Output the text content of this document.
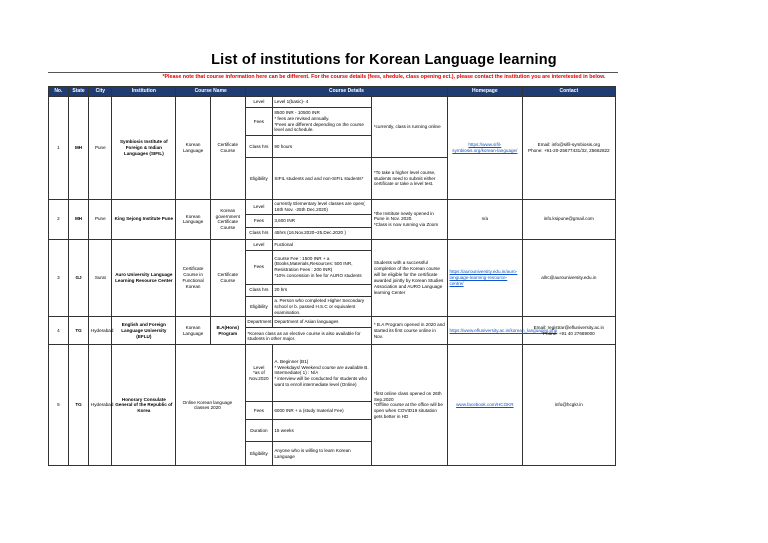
List of institutions for Korean Language learning
*Please note that course information here can be different. For the course details (fees, shedule, class opening ect.), please contact the institution you are interetested in below.
No.	State	City	Institution	Course Name		Course Details			Homepage	Contact
1	MH	Pune	Symbiosis Institute of Foreign & Indian Languages (SIFIL)	Korean Language	Certificate Course	Level	Level 1(basic)- 4	*currently, class is running online	https://www.sifil-symbiosis.org/korean-language/	Email: info@sifil-symbiosis.org
Phone: +91-20-25677431/32, 25662822
						Fees	8500 INR - 10500 INR
* fees are revised annually.
*Fees are different depending on the course level and schedule.			
						Class hrs	90 hours			
						Eligibility	SIFIL students and and non-SIFIL students*	*To take a higher level course, students need to submit either certificate or take a level test.		
2	MH	Pune	King Sejong Institute Pune	Korean Language	Korean government Certificate Course	Level	currently Elementary level classes are open( 16th Nov. -25th Dec.2020)	*the Institute newly opened in Pune in Nov. 2020.
*Class is now running via Zoom	n/a	info.ksipune@gmail.com
						Fees	3,600 INR			
						Class hrs	45hrs (16.Nov.2020~25.Dec.2020 )			
3	GJ	Surat	Auro University Language Learning Resource Center	Certificate Course in Functional Korean	Certificate Course	Level	Fuctional	Students with a successful completion of the Korean course will be eligible for the certificate awarded jointly by Korean Studies Association and AURO Language learning Center	https://aurouniversity.edu.in/auro-language-learning-resource-centre/	allrc@aurouniversity.edu.in
						Fees	Course Fee : 1500 INR + a (Books,Materials,Resources: 500 INR, Resistration Fees : 200 INR)
*10% concession in fee for AURO students			
						Class hrs	20 hrs			
						Eligibility	a. Person who completed Higher Secondary school or b. passed H.S.C or equivalent examination.			
4	TG	Hyderabad	English and Foreign Language University (EFLU)	Korean Language	B.A(Hons) Program	Department	Department of Asian languages	* B.A Program opened in 2020 and started its first course online in Nov.	https://www.efluniversity.ac.in/korean_languages.php	Email: registrar@efluniversity.ac.in
Phone: +91 40 27689000
						*Korean class as an elective course is also available for students in other major.				
5	TG	Hyderabad	Honorary Consulate General of the Republic of Korea	Online Korean language classes 2020		Level
*as of Nov.2020	A. Beginner (B1)
* Weekdays/ Weekend course are available B. Intermediate( 1) : N/A
* interview will be conducted for students who want to enroll intermediate level (Online)	*first online class opened on 26th Sep.2020
*Offline course at the office will be open when COVID19 situtation gets better in HD	www.facebook.com/HCGKR	info@hcgkr.in
						Fees	6000 INR + a (study material Fee)			
						Duration	15 weeks			
						Eligibility	Anyone who is willing to learn Korean Language			
